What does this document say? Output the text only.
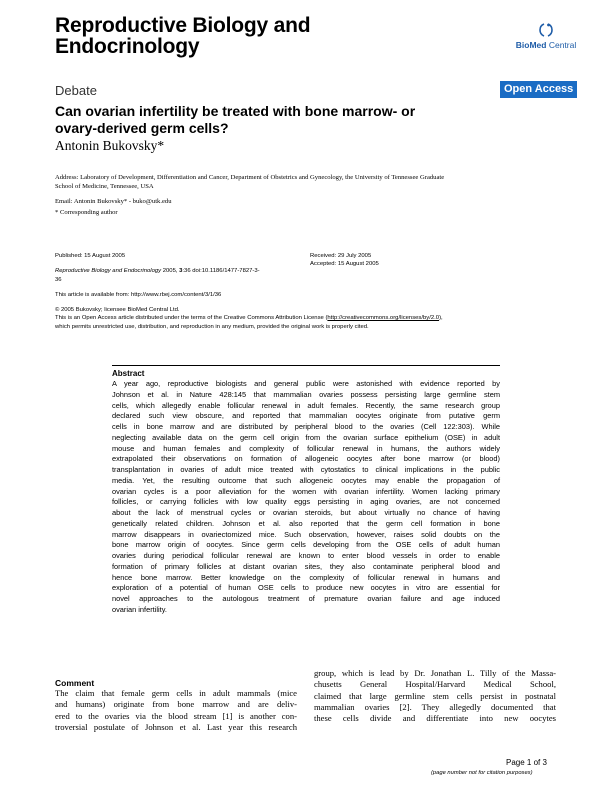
Reproductive Biology and
Endocrinology	BioMed Central
Debate	Open Access
Can ovarian infertility be treated with bone marrow- or
ovary-derived germ cells?
Antonin Bukovsky*
Address: Laboratory of Development, Differentiation and Cancer, Department of Obstetrics and Gynecology, the University of Tennessee Graduate
School of Medicine, Tennessee, USA
Email: Antonin Bukovsky* - buko@utk.edu
* Corresponding author
Published: 15 August 2005	Received: 29 July 2005
Accepted: 15 August 2005
Reproductive Biology and Endocrinology 2005, 3:36 doi:10.1186/1477-7827-3-
36
This article is available from: http://www.rbej.com/content/3/1/36
© 2005 Bukovsky; licensee BioMed Central Ltd.
This is an Open Access article distributed under the terms of the Creative Commons Attribution License (http://creativecommons.org/licenses/by/2.0),
which permits unrestricted use, distribution, and reproduction in any medium, provided the original work is properly cited.
Abstract
A year ago, reproductive biologists and general public were astonished with evidence reported by
Johnson et al. in Nature 428:145 that mammalian ovaries possess persisting large germline stem
cells, which allegedly enable follicular renewal in adult females. Recently, the same research group
declared such view obscure, and reported that mammalian oocytes originate from putative germ
cells in bone marrow and are distributed by peripheral blood to the ovaries (Cell 122:303). While
neglecting available data on the germ cell origin from the ovarian surface epithelium (OSE) in adult
mouse and human females and complexity of follicular renewal in humans, the authors widely
extrapolated their observations on formation of allogeneic oocytes after bone marrow (or blood)
transplantation in ovaries of adult mice treated with cytostatics to clinical implications in the public
media. Yet, the resulting outcome that such allogeneic oocytes may enable the propagation of
ovarian cycles is a poor alleviation for the women with ovarian infertility. Women lacking primary
follicles, or carrying follicles with low quality eggs persisting in aging ovaries, are not concerned
about the lack of menstrual cycles or ovarian steroids, but about virtually no chance of having
genetically related children. Johnson et al. also reported that the germ cell formation in bone
marrow disappears in ovariectomized mice. Such observation, however, raises solid doubts on the
bone marrow origin of oocytes. Since germ cells developing from the OSE cells of adult human
ovaries during periodical follicular renewal are known to enter blood vessels in order to enable
formation of primary follicles at distant ovarian sites, they also contaminate peripheral blood and
hence bone marrow. Better knowledge on the complexity of follicular renewal in humans and
exploration of a potential of human OSE cells to produce new oocytes in vitro are essential for
novel approaches to the autologous treatment of premature ovarian failure and age induced
ovarian infertility.
Comment
The claim that female germ cells in adult mammals (mice
and humans) originate from bone marrow and are deliv-
ered to the ovaries via the blood stream [1] is another con-
troversial postulate of Johnson et al. Last year this research
group, which is lead by Dr. Jonathan L. Tilly of the Massa-
chusetts General Hospital/Harvard Medical School,
claimed that large germline stem cells persist in postnatal
mammalian ovaries [2]. They allegedly documented that
these cells divide and differentiate into new oocytes
Page 1 of 3
(page number not for citation purposes)
